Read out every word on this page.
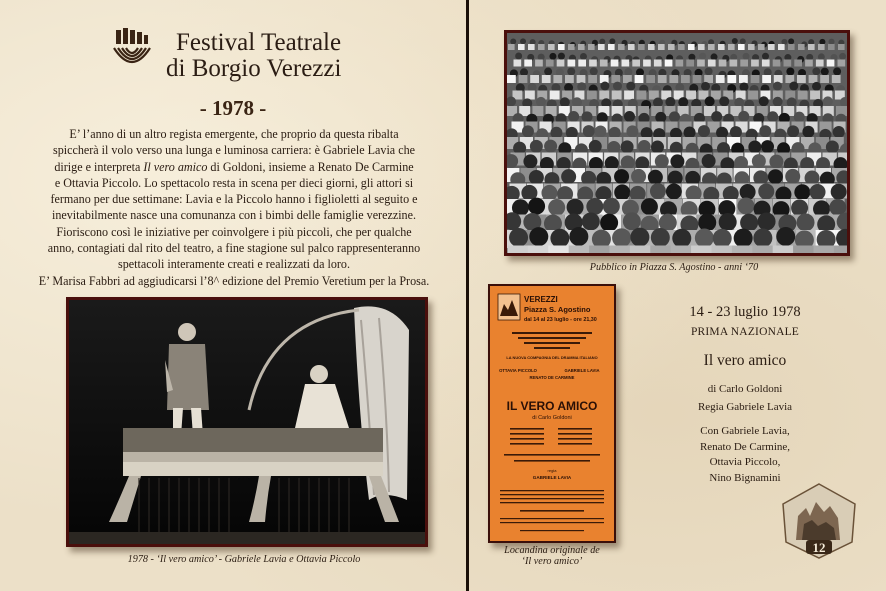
Festival Teatrale
di Borgio Verezzi
- 1978 -

E’ l’anno di un altro regista emergente, che proprio da questa ribalta

spiccherà il volo verso una lunga e luminosa carriera: è Gabriele Lavia che

dirige e interpreta Il vero amico di Goldoni, insieme a Renato De Carmine

e Ottavia Piccolo. Lo spettacolo resta in scena per dieci giorni, gli attori si

fermano per due settimane: Lavia e la Piccolo hanno i figlioletti al seguito e

inevitabilmente nasce una comunanza con i bimbi delle famiglie verezzine.

Fioriscono così le iniziative per coinvolgere i più piccoli, che per qualche

anno, contagiati dal rito del teatro, a fine stagione sul palco rappresenteranno

spettacoli interamente creati e realizzati da loro.

E’ Marisa Fabbri ad aggiudicarsi l’8^ edizione del Premio Veretium per la Prosa.

1978 - ‘Il vero amico’ - Gabriele Lavia e Ottavia Piccolo
Pubblico in Piazza S. Agostino - anni ‘70
VEREZZI
Piazza S. Agostino
dal 14 al 23 luglio - ore 21,30
LA NUOVA COMPAGNIA DEL DRAMMA ITALIANO
OTTAVIA PICCOLO	GABRIELE LAVIA
RENATO DE CARMINE
IL VERO AMICO
di Carlo Goldoni
regia
GABRIELE LAVIA
Locandina originale de
‘Il vero amico’
14 - 23 luglio 1978
PRIMA NAZIONALE
Il vero amico
di Carlo Goldoni
Regia Gabriele Lavia
Con Gabriele Lavia,
Renato De Carmine,
Ottavia Piccolo,
Nino Bignamini
12
